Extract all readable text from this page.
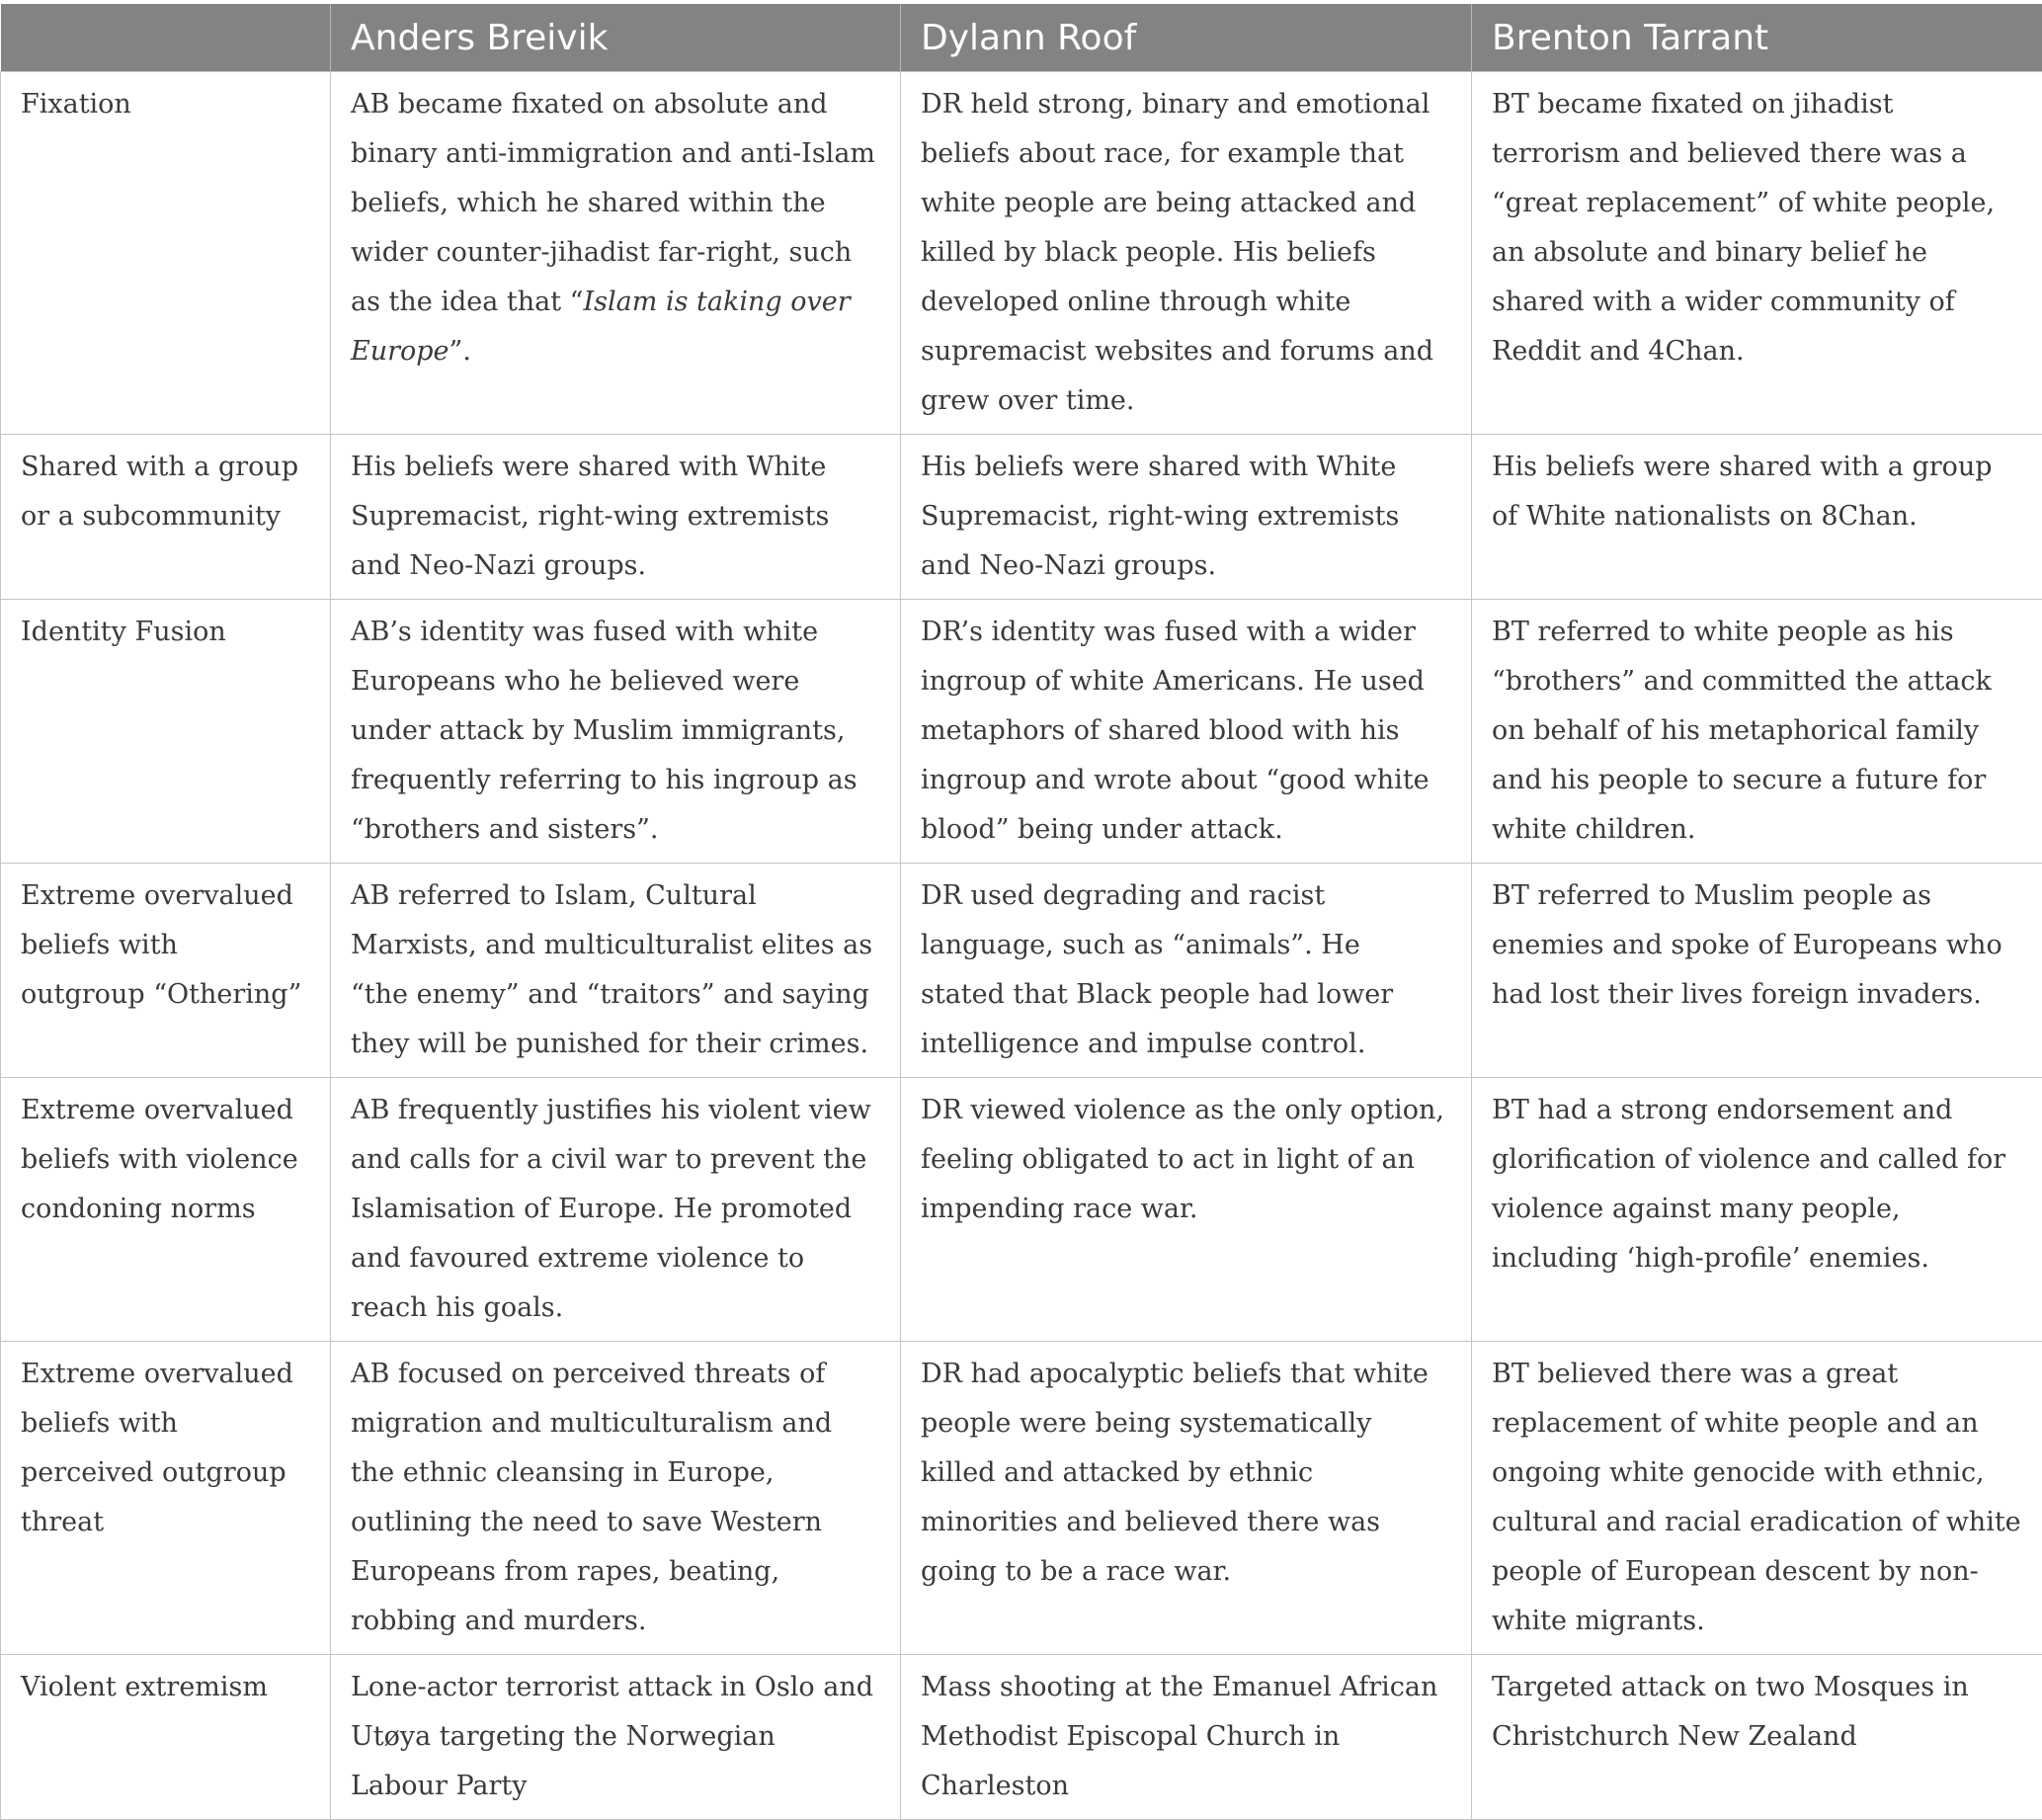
	Anders Breivik	Dylann Roof	Brenton Tarrant
Fixation	AB became fixated on absolute and binary anti-immigration and anti-Islam beliefs, which he shared within the wider counter-jihadist far-right, such as the idea that “Islam is taking over Europe”.	DR held strong, binary and emotional beliefs about race, for example that white people are being attacked and killed by black people. His beliefs developed online through white supremacist websites and forums and grew over time.	BT became fixated on jihadist terrorism and believed there was a “great replacement” of white people, an absolute and binary belief he shared with a wider community of Reddit and 4Chan.
Shared with a group or a subcommunity	His beliefs were shared with White Supremacist, right-wing extremists and Neo-Nazi groups.	His beliefs were shared with White Supremacist, right-wing extremists and Neo-Nazi groups.	His beliefs were shared with a group of White nationalists on 8Chan.
Identity Fusion	AB’s identity was fused with white Europeans who he believed were under attack by Muslim immigrants, frequently referring to his ingroup as “brothers and sisters”.	DR’s identity was fused with a wider ingroup of white Americans. He used metaphors of shared blood with his ingroup and wrote about “good white blood” being under attack.	BT referred to white people as his “brothers” and committed the attack on behalf of his metaphorical family and his people to secure a future for white children.
Extreme overvalued beliefs with outgroup “Othering”	AB referred to Islam, Cultural Marxists, and multiculturalist elites as “the enemy” and “traitors” and saying they will be punished for their crimes.	DR used degrading and racist language, such as “animals”. He stated that Black people had lower intelligence and impulse control.	BT referred to Muslim people as enemies and spoke of Europeans who had lost their lives foreign invaders.
Extreme overvalued beliefs with violence condoning norms	AB frequently justifies his violent view and calls for a civil war to prevent the Islamisation of Europe. He promoted and favoured extreme violence to reach his goals.	DR viewed violence as the only option, feeling obligated to act in light of an impending race war.	BT had a strong endorsement and glorification of violence and called for violence against many people, including ‘high-profile’ enemies.
Extreme overvalued beliefs with perceived outgroup threat	AB focused on perceived threats of migration and multiculturalism and the ethnic cleansing in Europe, outlining the need to save Western Europeans from rapes, beating, robbing and murders.	DR had apocalyptic beliefs that white people were being systematically killed and attacked by ethnic minorities and believed there was going to be a race war.	BT believed there was a great replacement of white people and an ongoing white genocide with ethnic, cultural and racial eradication of white people of European descent by non-white migrants.
Violent extremism	Lone-actor terrorist attack in Oslo and Utøya targeting the Norwegian Labour Party	Mass shooting at the Emanuel African Methodist Episcopal Church in Charleston	Targeted attack on two Mosques in Christchurch New Zealand
